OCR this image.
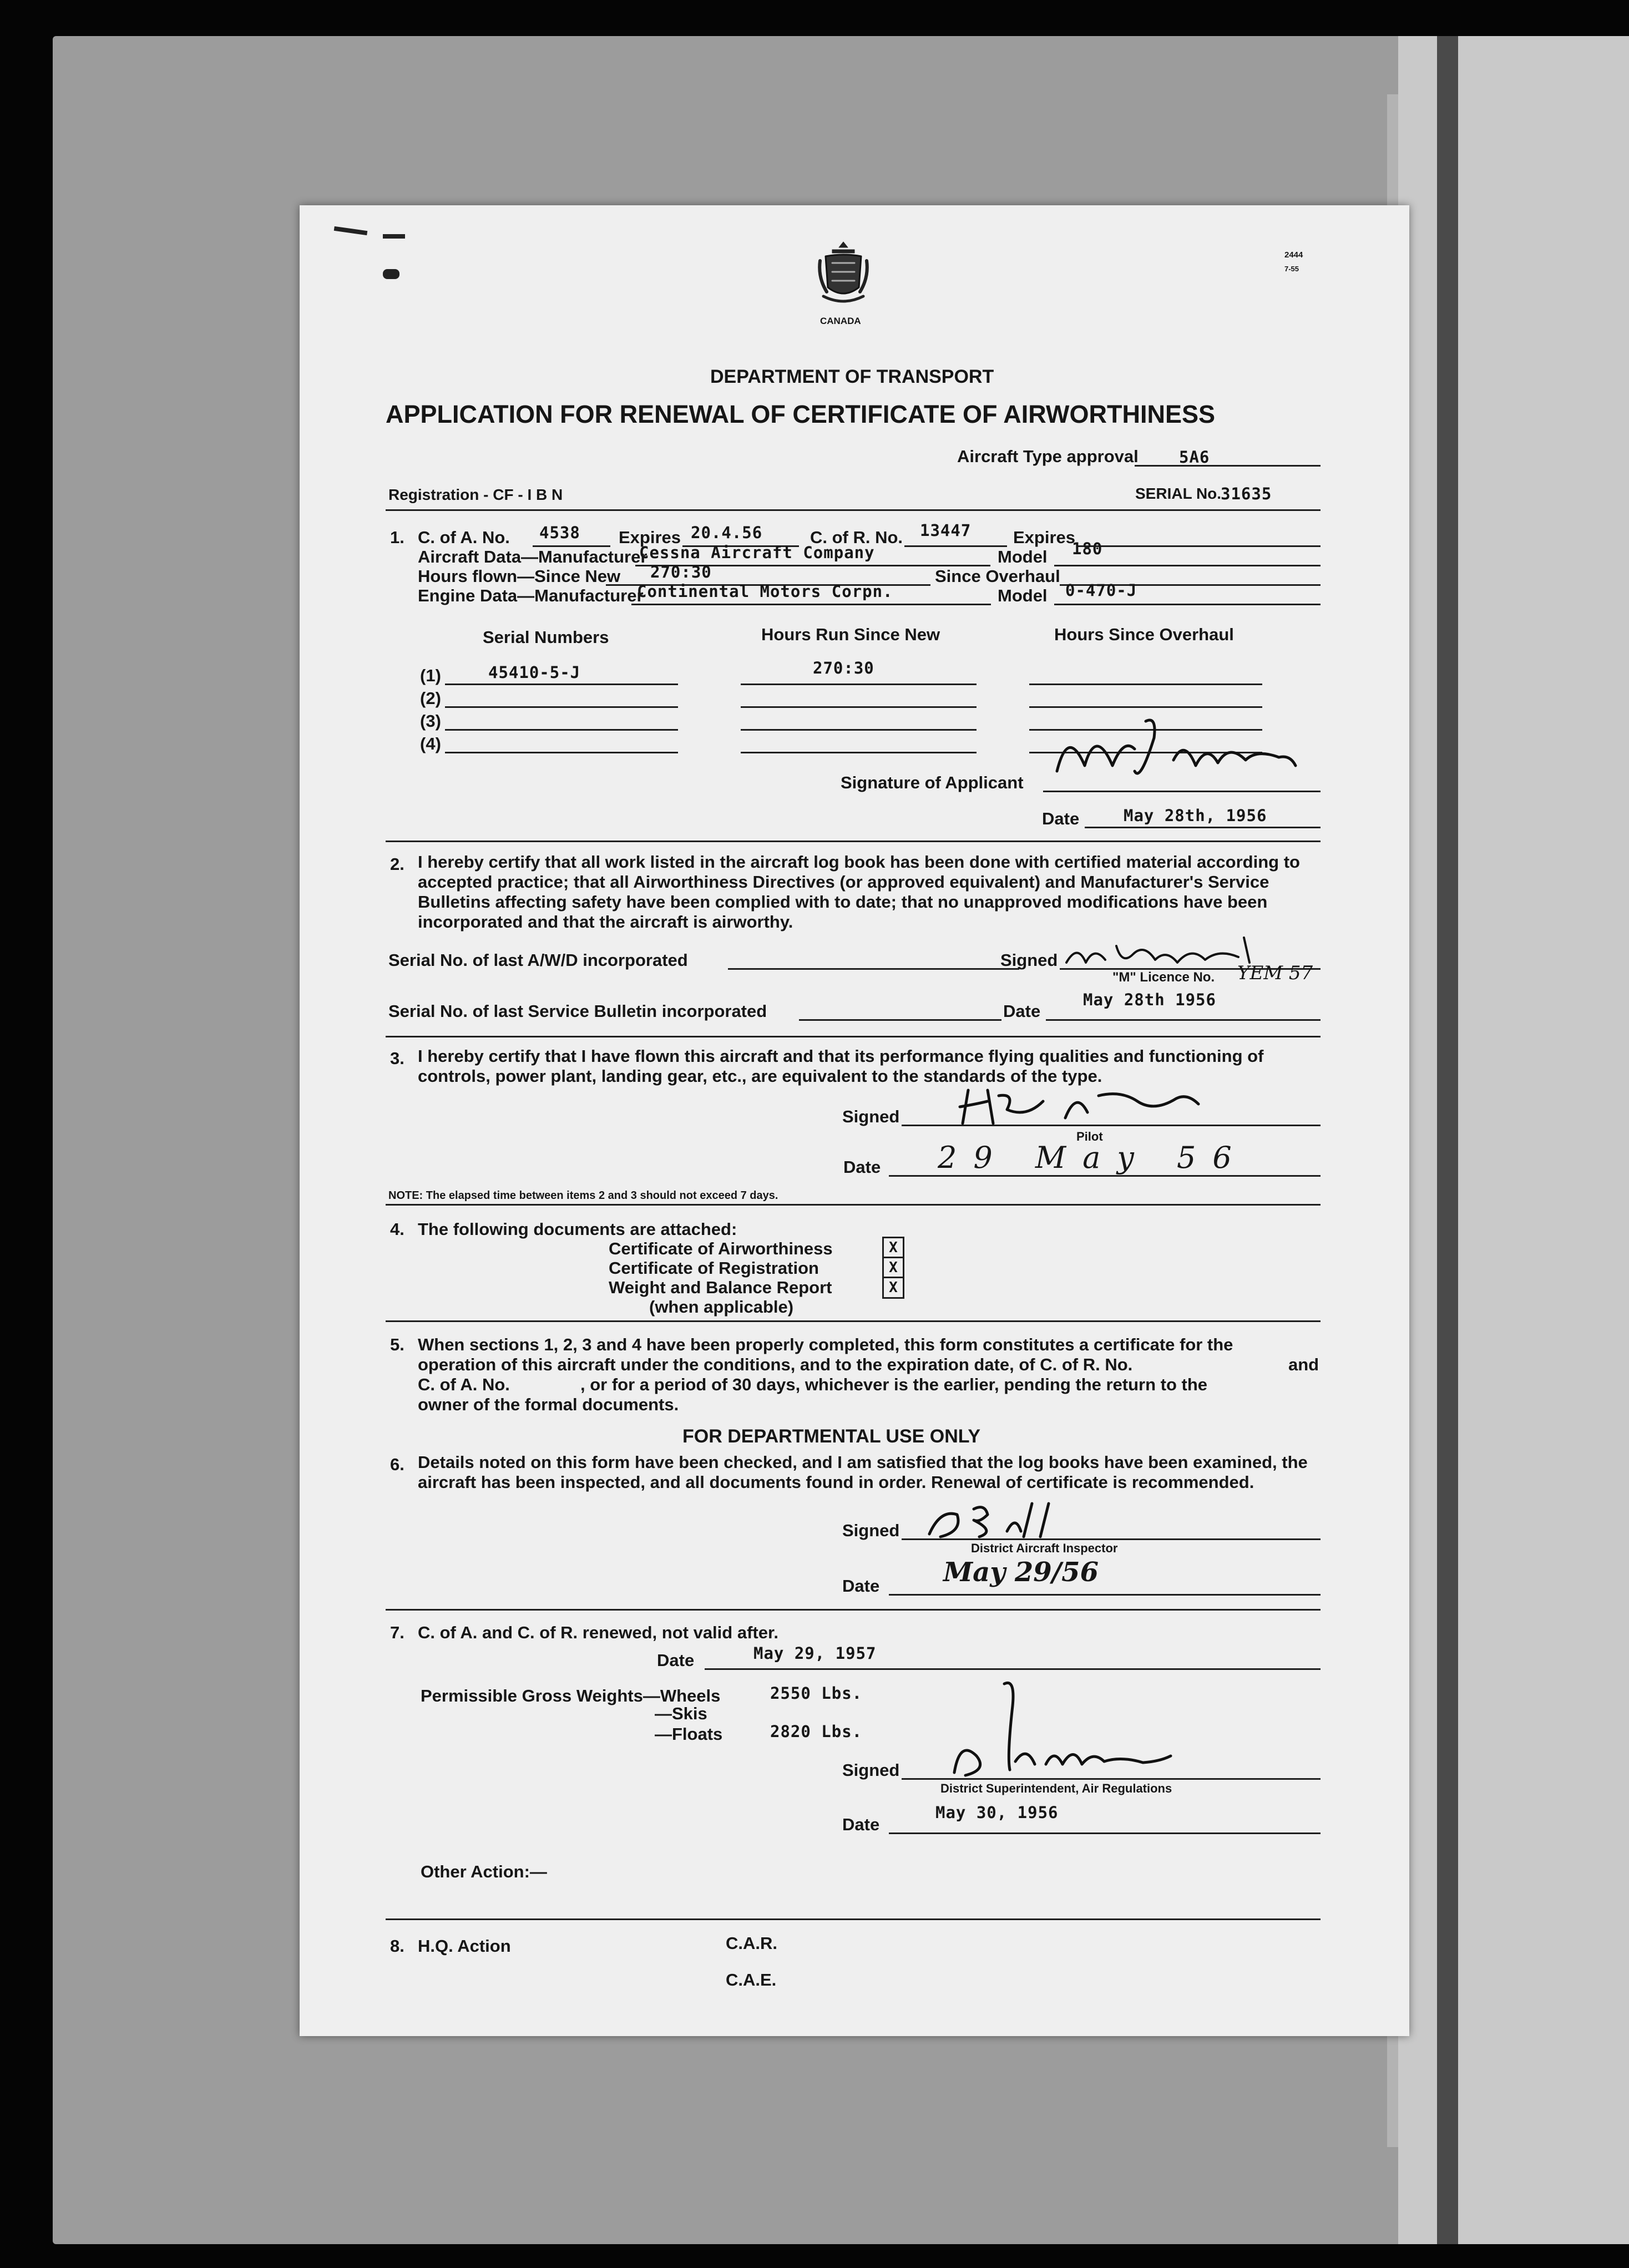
2444
7-55
CANADA
DEPARTMENT OF TRANSPORT
APPLICATION FOR RENEWAL OF CERTIFICATE OF AIRWORTHINESS
Aircraft Type approval	5A6
Registration - CF - I B N	SERIAL No.
31635
1. C. of A. No. 4538 Expires 20.4.56	C. of R. No. 13447 Expires
Aircraft Data—Manufacturer
Cessna Aircraft Company	Model 180
Hours flown—Since New 270:30	Since Overhaul
Engine Data—Manufacturer
Continental Motors Corpn.	Model 0-470-J
Serial Numbers	Hours Run Since New	Hours Since Overhaul
(1)	45410-5-J	270:30
(2)
(3)
(4)
Signature of Applicant
Date	May 28th, 1956
2. I hereby certify that all work listed in the aircraft log book has been done with certified material according to accepted practice; that all Airworthiness Directives (or approved equivalent) and Manufacturer's Service Bulletins affecting safety have been complied with to date; that no unapproved modifications have been incorporated and that the aircraft is airworthy.
Serial No. of last A/W/D incorporated	Signed
"M" Licence No. YEM 57
Serial No. of last Service Bulletin incorporated	Date
May 28th 1956
3. I hereby certify that I have flown this aircraft and that its performance flying qualities and functioning of controls, power plant, landing gear, etc., are equivalent to the standards of the type.
Signed
Pilot
Date 29 May 56
NOTE: The elapsed time between items 2 and 3 should not exceed 7 days.
4. The following documents are attached:
Certificate of Airworthiness	X
Certificate of Registration	X
Weight and Balance Report	X
(when applicable)
5. When sections 1, 2, 3 and 4 have been properly completed, this form constitutes a certificate for the
operation of this aircraft under the conditions, and to the expiration date, of C. of R. No.	and
C. of A. No.	, or for a period of 30 days, whichever is the earlier, pending the return to the
owner of the formal documents.
FOR DEPARTMENTAL USE ONLY
6. Details noted on this form have been checked, and I am satisfied that the log books have been examined, the aircraft has been inspected, and all documents found in order. Renewal of certificate is recommended.
Signed
District Aircraft Inspector
Date May 29/56
7. C. of A. and C. of R. renewed, not valid after.
Date	May 29, 1957
Permissible Gross Weights—Wheels	2550 Lbs.
—Skis
—Floats	2820 Lbs.
Signed
District Superintendent, Air Regulations
Date
May 30, 1956
Other Action:—
8. H.Q. Action	C.A.R.
C.A.E.
